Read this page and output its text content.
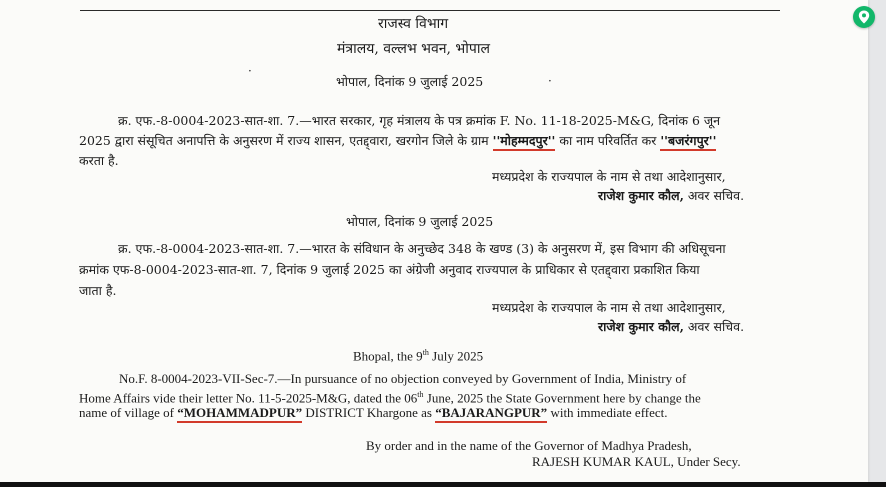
राजस्व विभाग
मंत्रालय, वल्लभ भवन, भोपाल
·
भोपाल, दिनांक 9 जुलाई 2025	·
क्र. एफ.-8-0004-2023-सात-शा. 7.—भारत सरकार, गृह मंत्रालय के पत्र क्रमांक F. No. 11-18-2025-M&G, दिनांक 6 जून
2025 द्वारा संसूचित अनापत्ति के अनुसरण में राज्य शासन, एतद्द्वारा, खरगोन जिले के ग्राम ''मोहम्मदपुर'' का नाम परिवर्तित कर ''बजरंगपुर''
करता है.
मध्यप्रदेश के राज्यपाल के नाम से तथा आदेशानुसार,
राजेश कुमार कौल, अवर सचिव.
भोपाल, दिनांक 9 जुलाई 2025
क्र. एफ.-8-0004-2023-सात-शा. 7.—भारत के संविधान के अनुच्छेद 348 के खण्ड (3) के अनुसरण में, इस विभाग की अधिसूचना
क्रमांक एफ-8-0004-2023-सात-शा. 7, दिनांक 9 जुलाई 2025 का अंग्रेजी अनुवाद राज्यपाल के प्राधिकार से एतद्द्वारा प्रकाशित किया
जाता है.
मध्यप्रदेश के राज्यपाल के नाम से तथा आदेशानुसार,
राजेश कुमार कौल, अवर सचिव.
Bhopal, the 9th July 2025
No.F. 8-0004-2023-VII-Sec-7.—In pursuance of no objection conveyed by Government of India, Ministry of
Home Affairs vide their letter No. 11-5-2025-M&G, dated the 06th June, 2025 the State Government here by change the
name of village of “MOHAMMADPUR” DISTRICT Khargone as “BAJARANGPUR” with immediate effect.
By order and in the name of the Governor of Madhya Pradesh,
RAJESH KUMAR KAUL, Under Secy.
